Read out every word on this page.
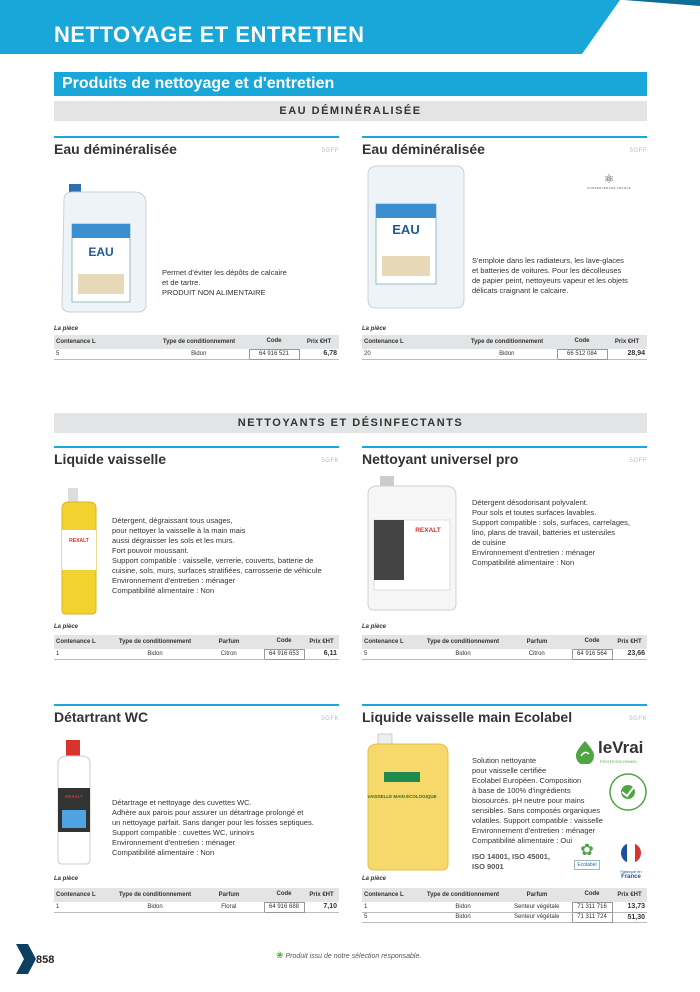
NETTOYAGE ET ENTRETIEN
Produits de nettoyage et d'entretien
EAU DÉMINÉRALISÉE
NETTOYANTS ET DÉSINFECTANTS
Eau déminéralisée	5GFF
EAU
Permet d'éviter les dépôts de calcaire
et de tartre.
PRODUIT NON ALIMENTAIRE
La pièce
Contenance L	Type de conditionnement	Code	Prix €HT
5	Bidon	64 916 521	6,78
Eau déminéralisée	5GFF
EAU
⚛
CONSERVERAGE FRANCE
S'emploie dans les radiateurs, les lave-glaces
et batteries de voitures. Pour les décolleuses
de papier peint, nettoyeurs vapeur et les objets
délicats craignant le calcaire.
La pièce
Contenance L	Type de conditionnement	Code	Prix €HT
20	Bidon	66 512 084	28,94
Liquide vaisselle	5GFK
REXALT
Détergent, dégraissant tous usages,
pour nettoyer la vaisselle à la main mais
aussi dégraisser les sols et les murs.
Fort pouvoir moussant.
Support compatible : vaisselle, verrerie, couverts, batterie de
cuisine, sols, murs, surfaces stratifiées, carrosserie de véhicule
Environnement d'entretien : ménager
Compatibilité alimentaire : Non
La pièce
Contenance L	Type de conditionnement	Parfum	Code	Prix €HT
1	Bidon	Citron	64 916 653	6,11
Nettoyant universel pro	5GFF
REXALT
Détergent désodorisant polyvalent.
Pour sols et toutes surfaces lavables.
Support compatible : sols, surfaces, carrelages,
lino, plans de travail, batteries et ustensiles
de cuisine
Environnement d'entretien : ménager
Compatibilité alimentaire : Non
La pièce
Contenance L	Type de conditionnement	Parfum	Code	Prix €HT
5	Bidon	Citron	64 916 564	23,66
Détartrant WC	5GFK
REXALT
Détartrage et nettoyage des cuvettes WC.
Adhère aux parois pour assurer un détartrage prolongé et
un nettoyage parfait. Sans danger pour les fosses septiques.
Support compatible : cuvettes WC, urinoirs
Environnement d'entretien : ménager
Compatibilité alimentaire : Non
La pièce
Contenance L	Type de conditionnement	Parfum	Code	Prix €HT
1	Bidon	Floral	64 916 688	7,10
Liquide vaisselle main Ecolabel	5GFK
VAISSELLE MAIN ÉCOLOGIQUE
leVrai
PROFESSIONNEL
Solution nettoyante
pour vaisselle certifiée
Ecolabel Européen. Composition
à base de 100% d'ingrédients
biosourcés. pH neutre pour mains
sensibles. Sans composés organiques
volatiles. Support compatible : vaisselle
Environnement d'entretien : ménager
Compatibilité alimentaire : Oui
ISO 14001, ISO 45001,
ISO 9001
✿
Ecolabel
Fabriqué en
France
La pièce
Contenance L	Type de conditionnement	Parfum	Code	Prix €HT
1	Bidon	Senteur végétale	71 311 716	13,73
5	Bidon	Senteur végétale	71 311 724	51,30
858	❀ Produit issu de notre sélection responsable.
